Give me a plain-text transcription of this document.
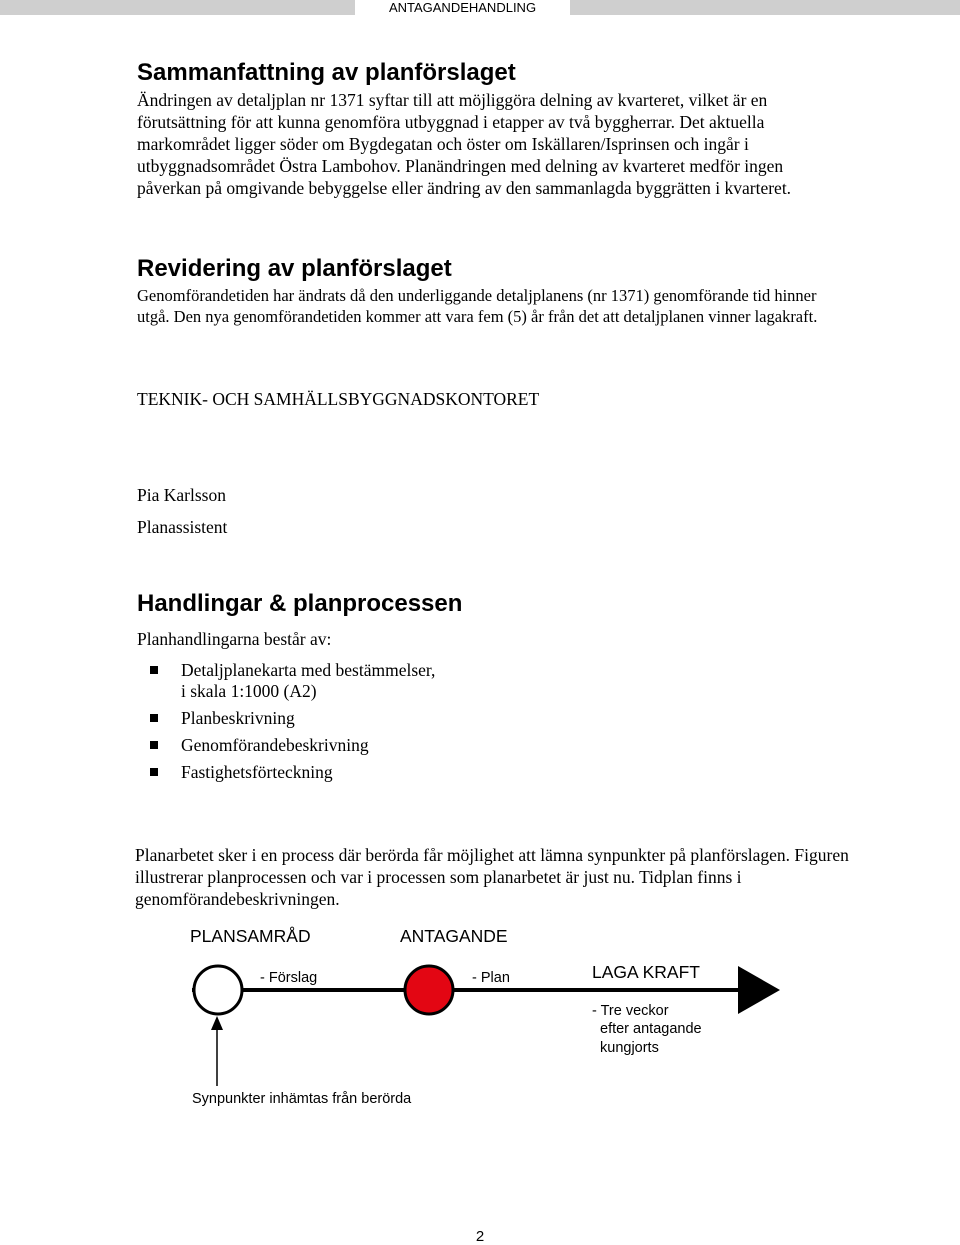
ANTAGANDEHANDLING
Sammanfattning av planförslaget

Ändringen av detaljplan nr 1371 syftar till att möjliggöra delning av kvarteret, vilket är en förutsättning för att kunna genomföra utbyggnad i etapper av två byggherrar. Det aktuella markområdet ligger söder om Bygdegatan och öster om Iskällaren/Isprinsen och ingår i utbyggnadsområdet Östra Lambohov. Planändringen med delning av kvarteret medför ingen påverkan på omgivande bebyggelse eller ändring av den sammanlagda byggrätten i kvarteret.

Revidering av planförslaget

Genomförandetiden har ändrats då den underliggande detaljplanens (nr 1371) genomförande tid hinner utgå. Den nya genomförandetiden kommer att vara fem (5) år från det att detaljplanen vinner lagakraft.

TEKNIK- OCH SAMHÄLLSBYGGNADSKONTORET

Pia Karlsson

Planassistent

Handlingar & planprocessen

Planhandlingarna består av:

Detaljplanekarta med bestämmelser,
i skala 1:1000 (A2)
Planbeskrivning
Genomförandebeskrivning
Fastighetsförteckning

Planarbetet sker i en process där berörda får möjlighet att lämna synpunkter på planförslagen. Figuren illustrerar planprocessen och var i processen som planarbetet är just nu. Tidplan finns i genomförandebeskrivningen.

PLANSAMRÅD	ANTAGANDE
LAGA KRAFT
- Förslag	- Plan
- Tre veckor
efter antagande
kungjorts
Synpunkter inhämtas från berörda
2
